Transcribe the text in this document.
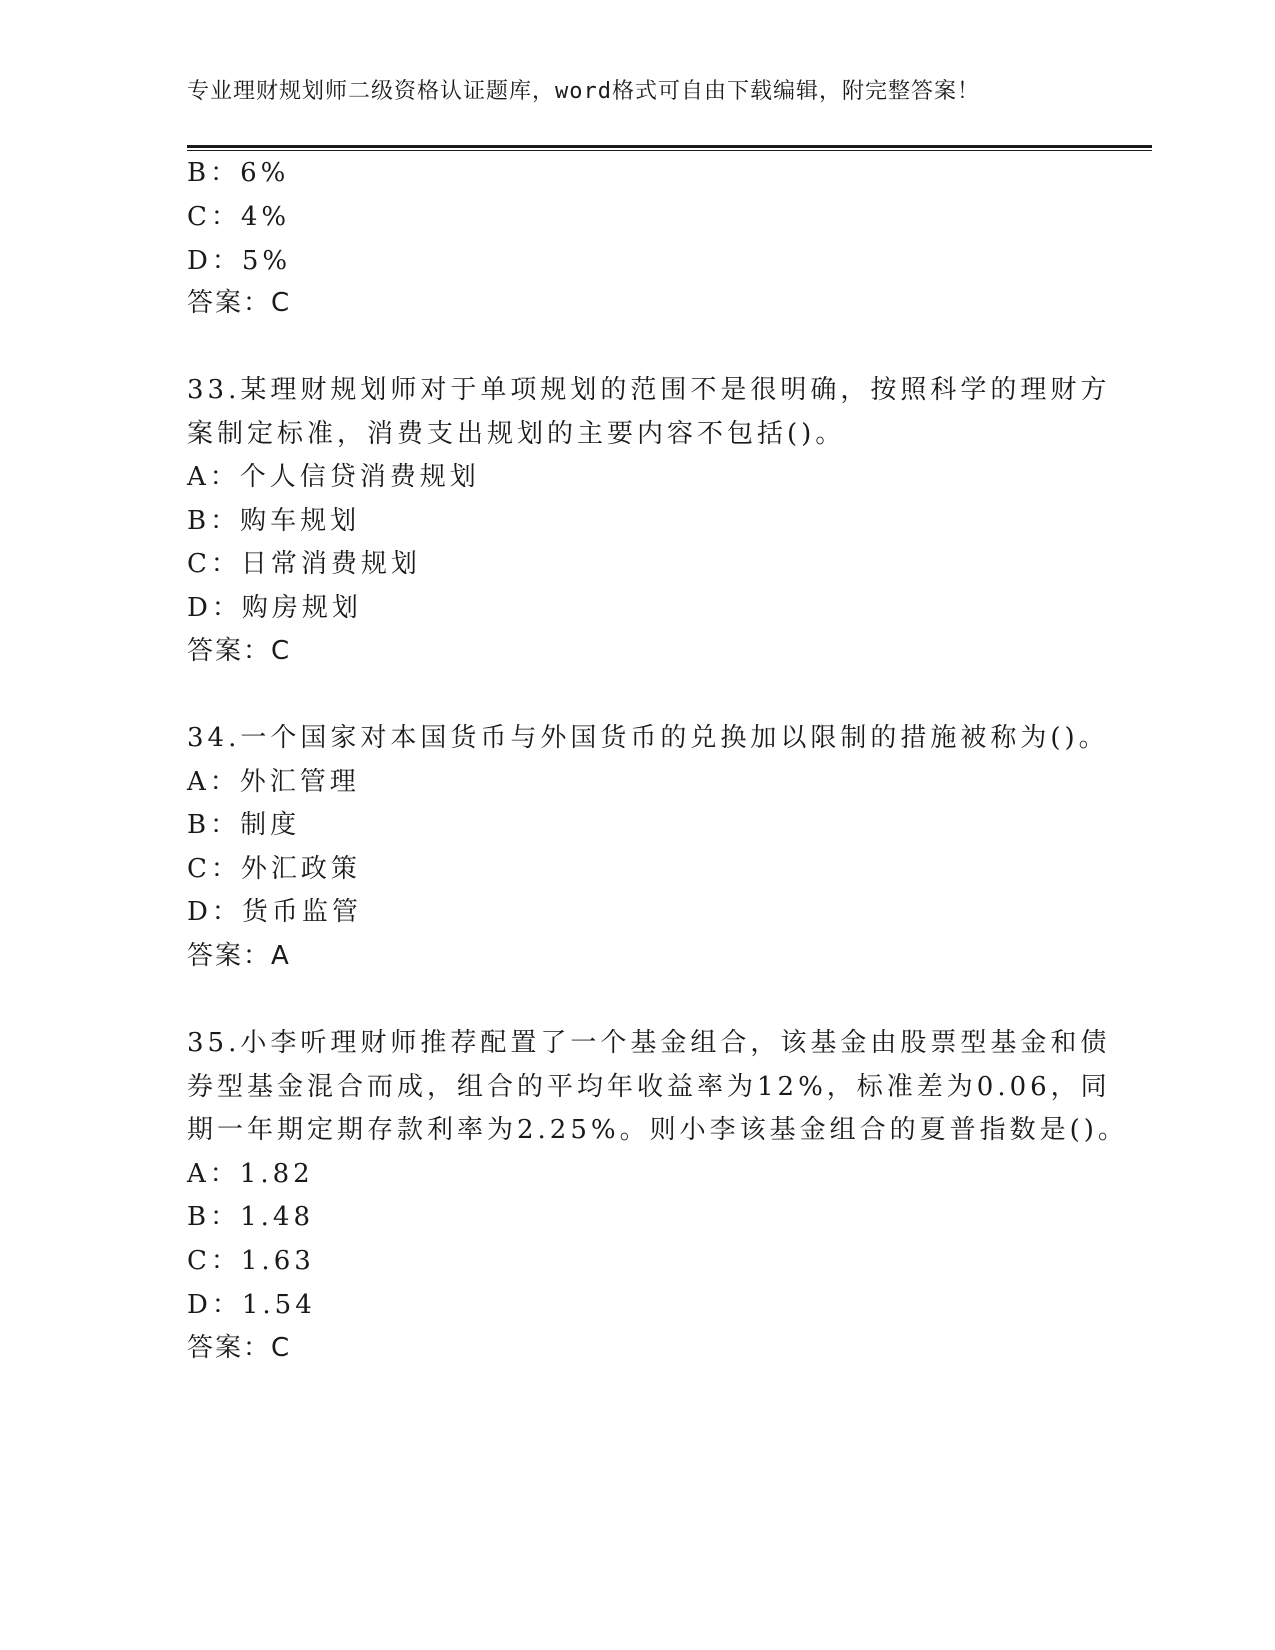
专业理财规划师二级资格认证题库，word格式可自由下载编辑，附完整答案！
B：6%
C：4%
D：5%
答案：C
33.某理财规划师对于单项规划的范围不是很明确，按照科学的理财方
案制定标准，消费支出规划的主要内容不包括()。
A：个人信贷消费规划
B：购车规划
C：日常消费规划
D：购房规划
答案：C
34.一个国家对本国货币与外国货币的兑换加以限制的措施被称为()。
A：外汇管理
B：制度
C：外汇政策
D：货币监管
答案：A
35.小李听理财师推荐配置了一个基金组合，该基金由股票型基金和债
券型基金混合而成，组合的平均年收益率为12%，标准差为0.06，同
期一年期定期存款利率为2.25%。则小李该基金组合的夏普指数是()。
A：1.82
B：1.48
C：1.63
D：1.54
答案：C
